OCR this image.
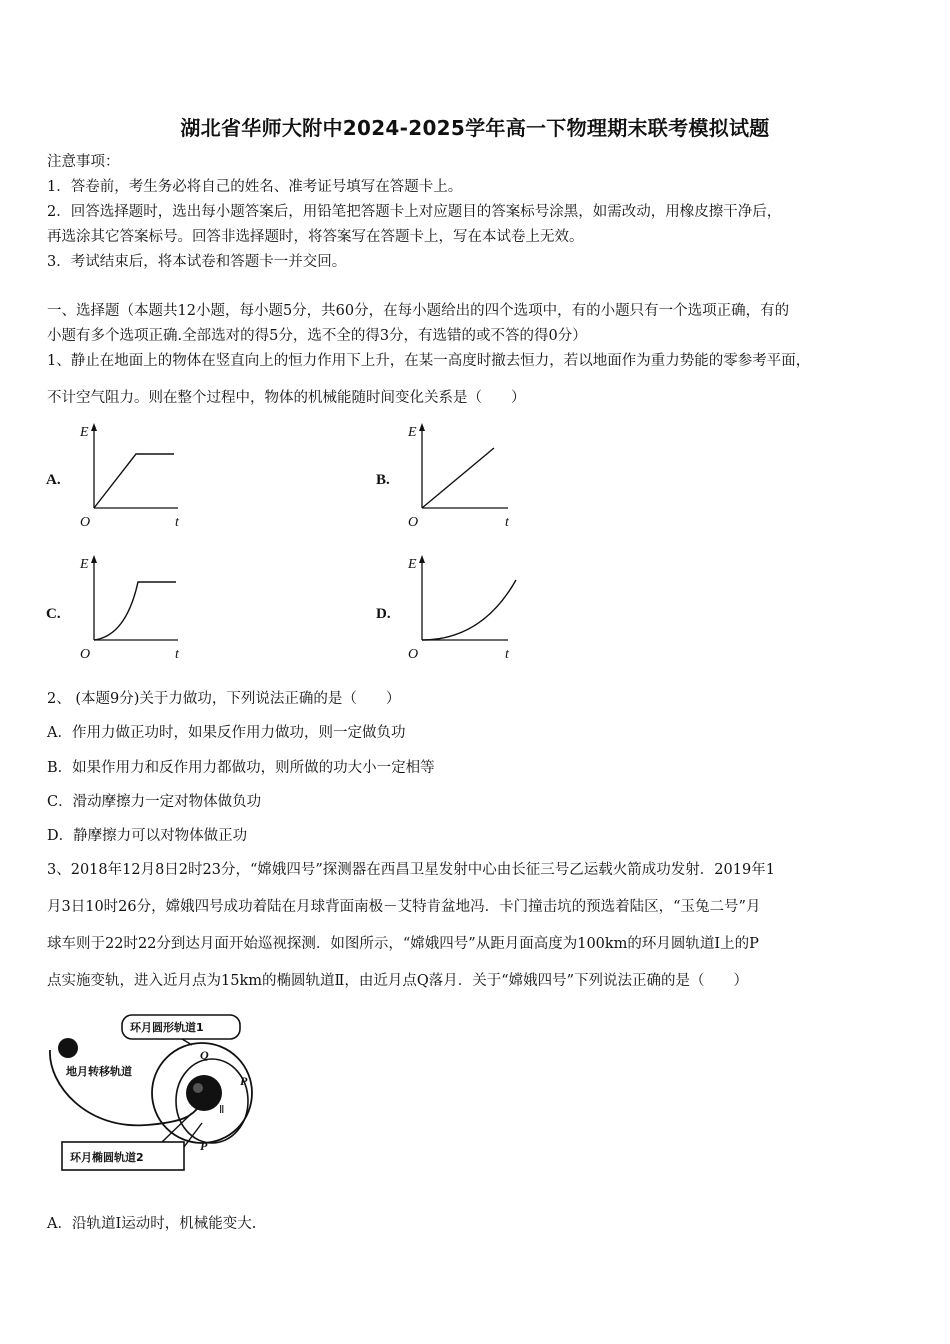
湖北省华师大附中2024-2025学年高一下物理期末联考模拟试题
注意事项：
1．答卷前，考生务必将自己的姓名、准考证号填写在答题卡上。
2．回答选择题时，选出每小题答案后，用铅笔把答题卡上对应题目的答案标号涂黑，如需改动，用橡皮擦干净后，
再选涂其它答案标号。回答非选择题时，将答案写在答题卡上，写在本试卷上无效。
3．考试结束后，将本试卷和答题卡一并交回。
一、选择题（本题共12小题，每小题5分，共60分，在每小题给出的四个选项中，有的小题只有一个选项正确，有的
小题有多个选项正确.全部选对的得5分，选不全的得3分，有选错的或不答的得0分）
1、静止在地面上的物体在竖直向上的恒力作用下上升，在某一高度时撤去恒力，若以地面作为重力势能的零参考平面，
不计空气阻力。则在整个过程中，物体的机械能随时间变化关系是（　　）
A.	B.
C.	D.
E
t
O
E
t
O
E
t
O
E
t
O
2、 (本题9分)关于力做功，下列说法正确的是（　　）
A．作用力做正功时，如果反作用力做功，则一定做负功
B．如果作用力和反作用力都做功，则所做的功大小一定相等
C．滑动摩擦力一定对物体做负功
D．静摩擦力可以对物体做正功
3、2018年12月8日2时23分，“嫦娥四号”探测器在西昌卫星发射中心由长征三号乙运载火箭成功发射．2019年1
月3日10时26分，嫦娥四号成功着陆在月球背面南极－艾特肯盆地冯．卡门撞击坑的预选着陆区，“玉兔二号”月
球车则于22时22分到达月面开始巡视探测．如图所示，“嫦娥四号”从距月面高度为100km的环月圆轨道Ⅰ上的P
点实施变轨，进入近月点为15km的椭圆轨道Ⅱ，由近月点Q落月．关于“嫦娥四号”下列说法正确的是（　　）
环月圆形轨道1
地月转移轨道
环月椭圆轨道2
Q
P
P
Ⅱ
A．沿轨道Ⅰ运动时，机械能变大.
